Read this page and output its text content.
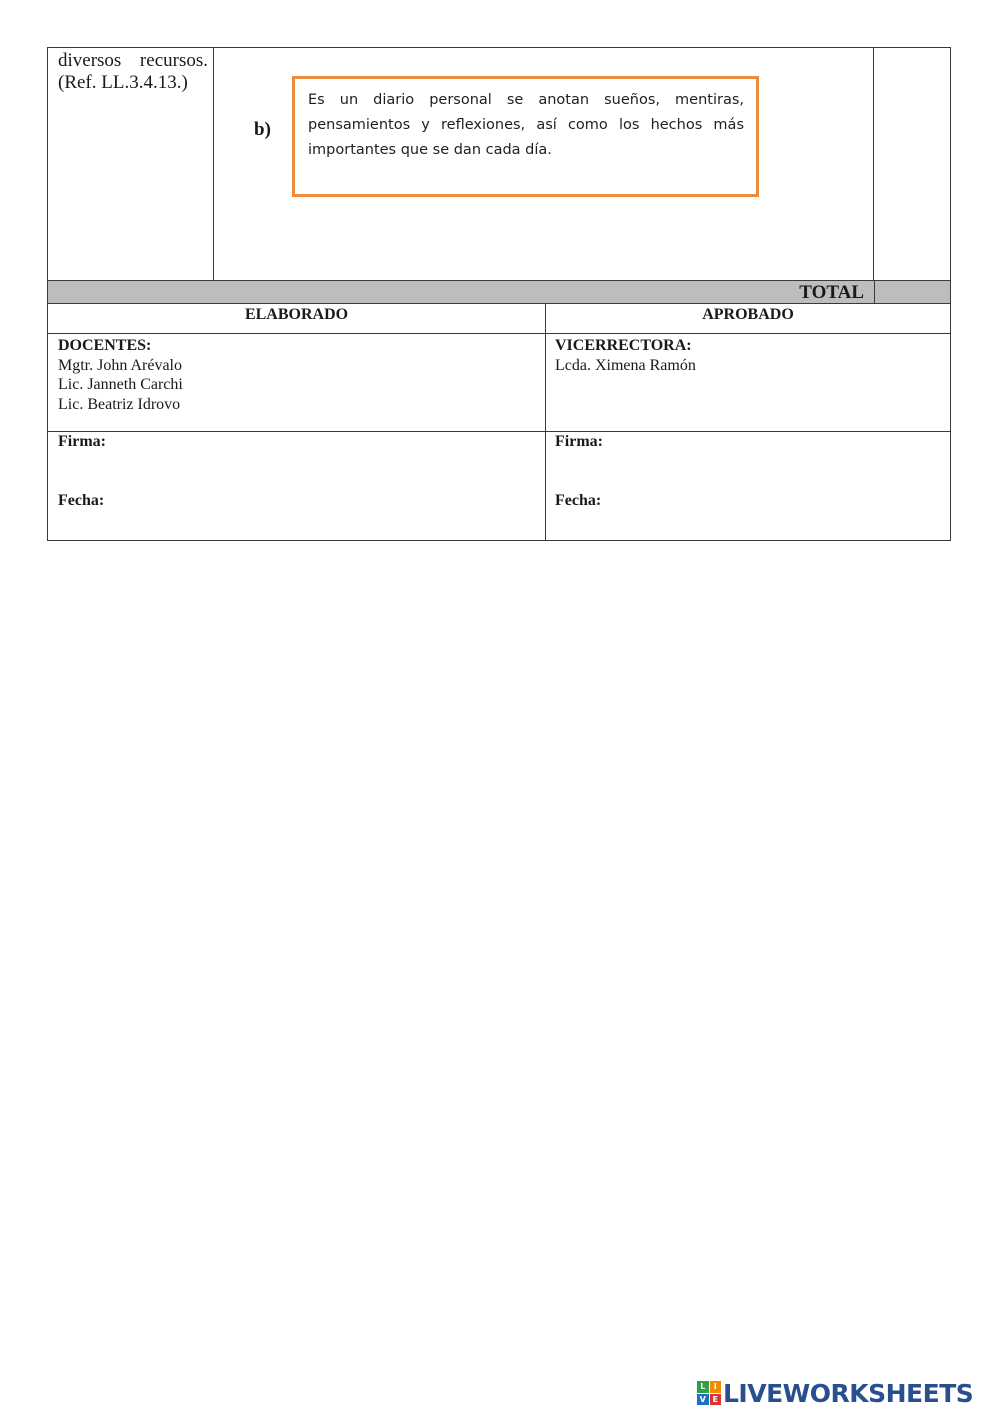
diversos recursos. (Ref. LL.3.4.13.)
b)
Es un diario personal se anotan sueños, mentiras, pensamientos y reflexiones, así como los hechos más importantes que se dan cada día.
TOTAL
ELABORADO	APROBADO
DOCENTES:
Mgtr. John Arévalo
Lic. Janneth Carchi
Lic. Beatriz Idrovo
VICERRECTORA:
Lcda. Ximena Ramón
Firma:
Fecha:
Firma:
Fecha:
L	I
V E LIVEWORKSHEETS
